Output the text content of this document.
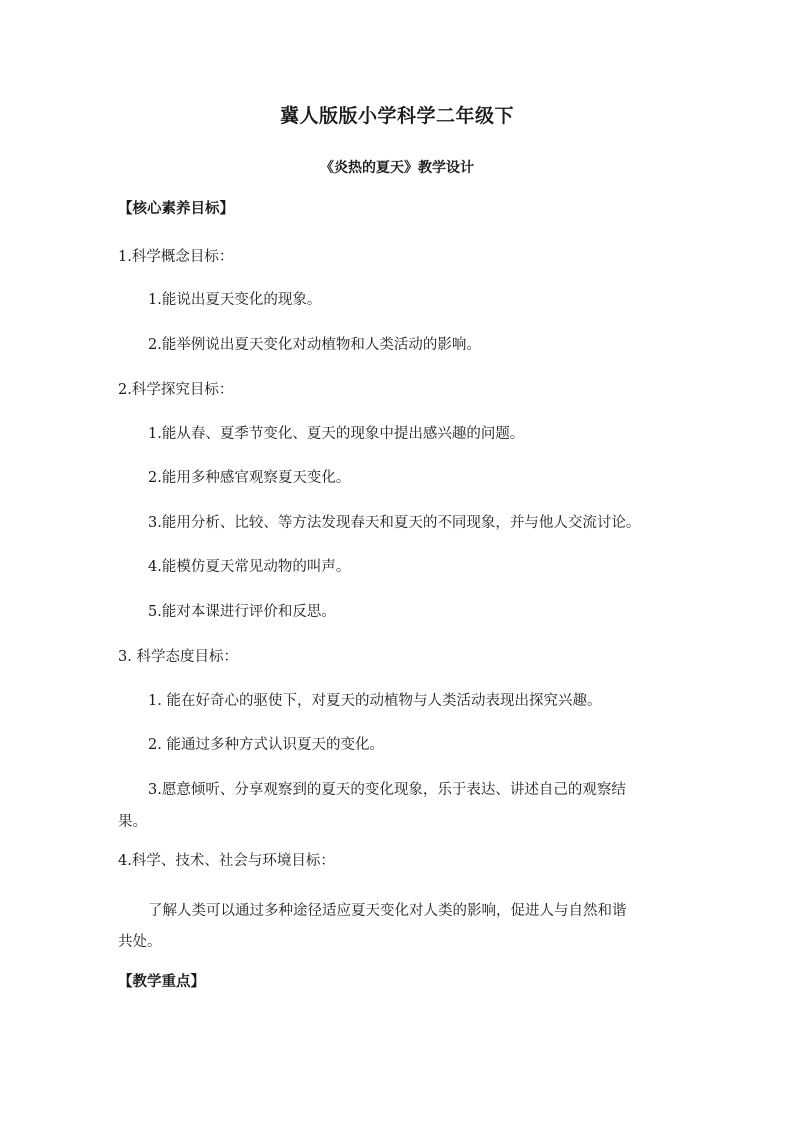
冀人版版小学科学二年级下
《炎热的夏天》教学设计
【核心素养目标】
1.科学概念目标：
1.能说出夏天变化的现象。
2.能举例说出夏天变化对动植物和人类活动的影响。
2.科学探究目标：
1.能从春、夏季节变化、夏天的现象中提出感兴趣的问题。
2.能用多种感官观察夏天变化。
3.能用分析、比较、等方法发现春天和夏天的不同现象，并与他人交流讨论。
4.能模仿夏天常见动物的叫声。
5.能对本课进行评价和反思。
3. 科学态度目标：
1. 能在好奇心的驱使下，对夏天的动植物与人类活动表现出探究兴趣。
2. 能通过多种方式认识夏天的变化。
3.愿意倾听、分享观察到的夏天的变化现象，乐于表达、讲述自己的观察结
果。
4.科学、技术、社会与环境目标：
了解人类可以通过多种途径适应夏天变化对人类的影响，促进人与自然和谐
共处。
【教学重点】
